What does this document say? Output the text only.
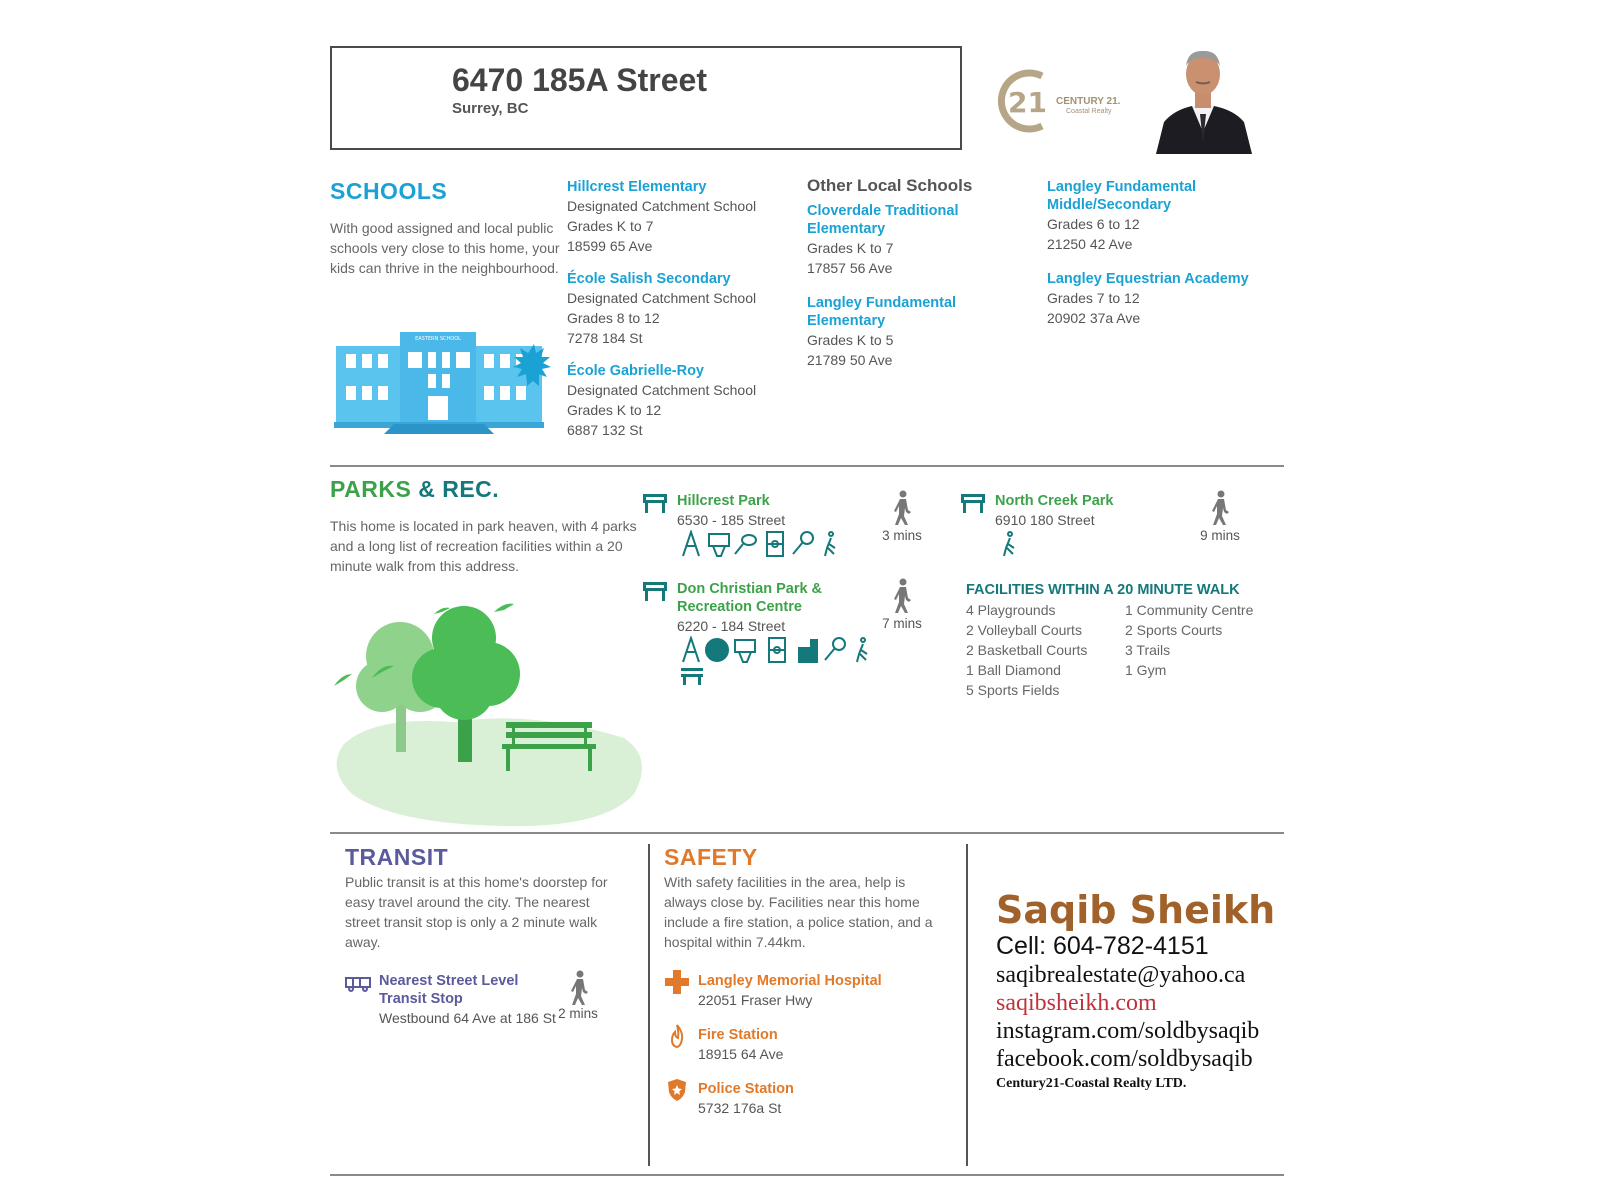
6470 185A Street
Surrey, BC	21 CENTURY 21.
Coastal Realty
SCHOOLS
With good assigned and local public schools very close to this home, your kids can thrive in the neighbourhood.
EASTERN SCHOOL
Hillcrest Elementary
Designated Catchment School
Grades K to 7
18599 65 Ave
École Salish Secondary
Designated Catchment School
Grades 8 to 12
7278 184 St
École Gabrielle-Roy
Designated Catchment School
Grades K to 12
6887 132 St
Other Local Schools
Cloverdale Traditional Elementary
Grades K to 7
17857 56 Ave
Langley Fundamental Elementary
Grades K to 5
21789 50 Ave
Langley Fundamental Middle/Secondary
Grades 6 to 12
21250 42 Ave
Langley Equestrian Academy
Grades 7 to 12
20902 37a Ave
PARKS & REC.
This home is located in park heaven, with 4 parks and a long list of recreation facilities within a 20 minute walk from this address.
Hillcrest Park
6530 - 185 Street
3 mins
Don Christian Park & Recreation Centre
6220 - 184 Street	7 mins
North Creek Park
6910 180 Street
9 mins
FACILITIES WITHIN A 20 MINUTE WALK
4 Playgrounds
2 Volleyball Courts
2 Basketball Courts
1 Ball Diamond
5 Sports Fields
1 Community Centre
2 Sports Courts
3 Trails
1 Gym
TRANSIT
Public transit is at this home's doorstep for easy travel around the city. The nearest street transit stop is only a 2 minute walk away.
Nearest Street Level Transit Stop
Westbound 64 Ave at 186 St 2 mins
SAFETY
With safety facilities in the area, help is always close by. Facilities near this home include a fire station, a police station, and a hospital within 7.44km.
Langley Memorial Hospital
22051 Fraser Hwy
Fire Station
18915 64 Ave
Police Station
5732 176a St
Saqib Sheikh
Cell: 604-782-4151
saqibrealestate@yahoo.ca
saqibsheikh.com
instagram.com/soldbysaqib
facebook.com/soldbysaqib
Century21-Coastal Realty LTD.
